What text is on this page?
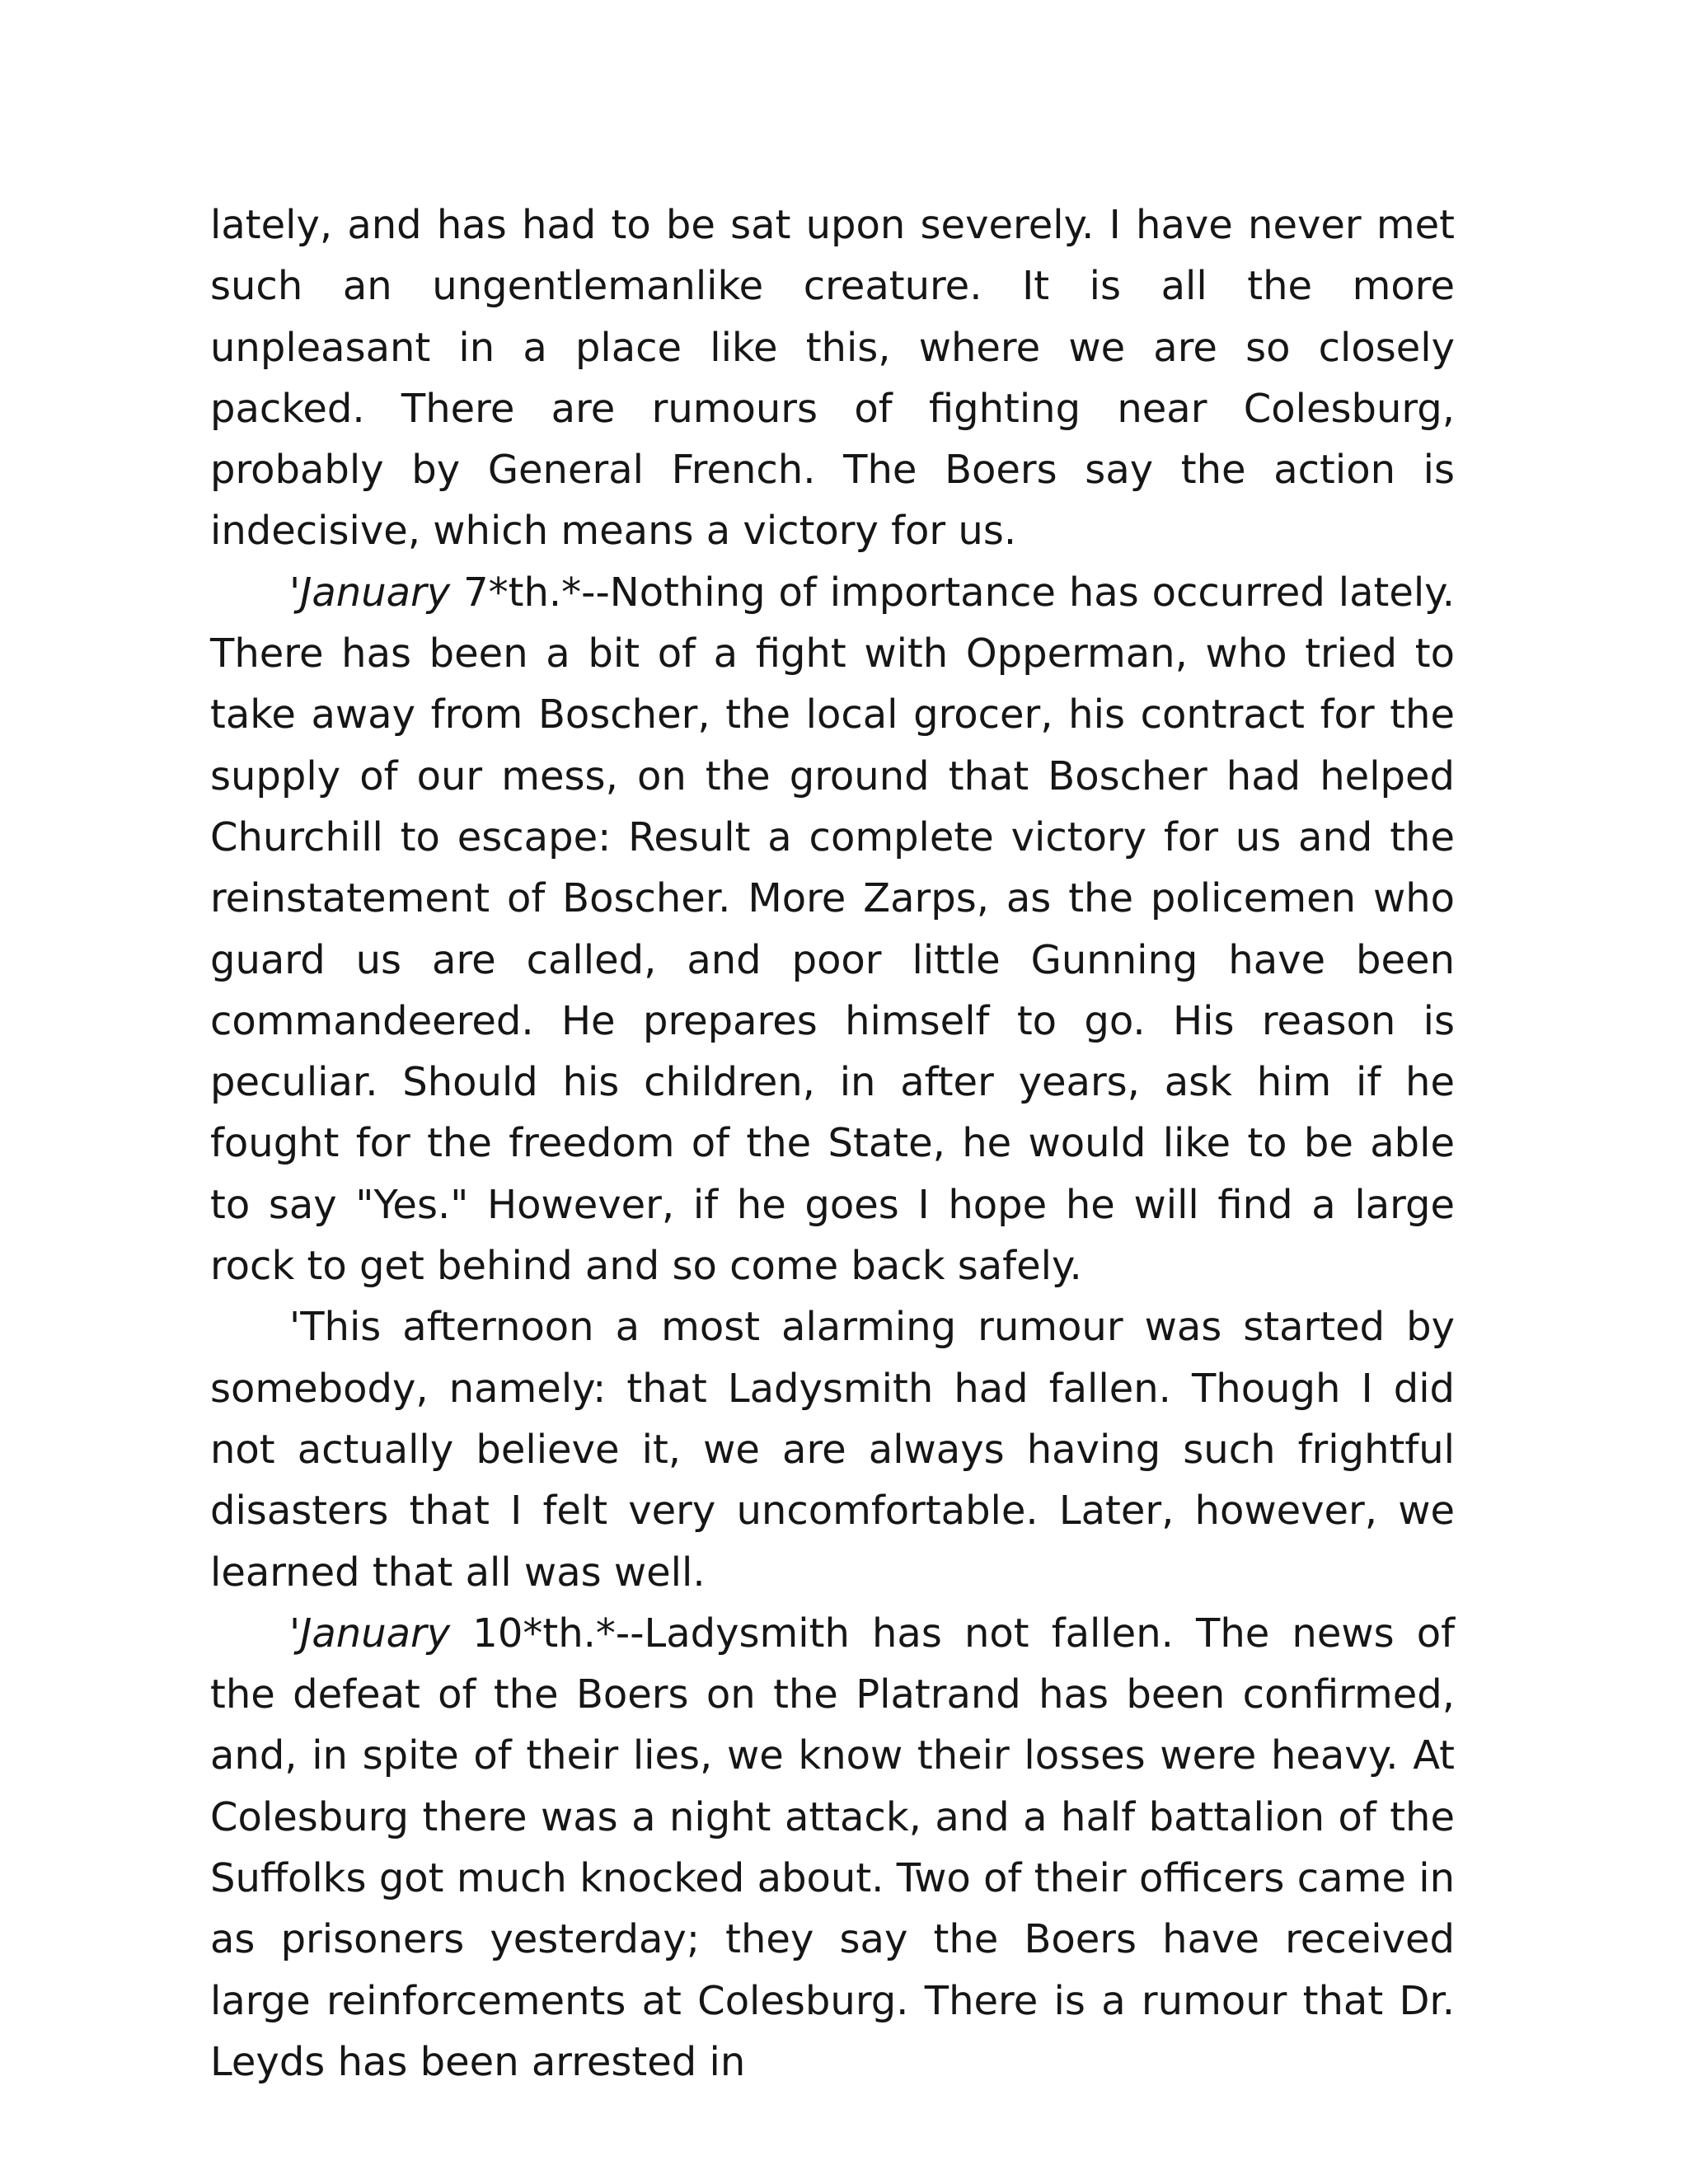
lately, and has had to be sat upon severely. I have never met such an ungentlemanlike creature. It is all the more unpleasant in a place like this, where we are so closely packed. There are rumours of fighting near Colesburg, probably by General French. The Boers say the action is indecisive, which means a victory for us.

'January 7*th.*--Nothing of importance has occurred lately. There has been a bit of a fight with Opperman, who tried to take away from Boscher, the local grocer, his contract for the supply of our mess, on the ground that Boscher had helped Churchill to escape: Result a complete victory for us and the reinstatement of Boscher. More Zarps, as the policemen who guard us are called, and poor little Gunning have been commandeered. He prepares himself to go. His reason is peculiar. Should his children, in after years, ask him if he fought for the freedom of the State, he would like to be able to say "Yes." However, if he goes I hope he will find a large rock to get behind and so come back safely.

'This afternoon a most alarming rumour was started by somebody, namely: that Ladysmith had fallen. Though I did not actually believe it, we are always having such frightful disasters that I felt very uncomfortable. Later, however, we learned that all was well.

'January 10*th.*--Ladysmith has not fallen. The news of the defeat of the Boers on the Platrand has been confirmed, and, in spite of their lies, we know their losses were heavy. At Colesburg there was a night attack, and a half battalion of the Suffolks got much knocked about. Two of their officers came in as prisoners yesterday; they say the Boers have received large reinforcements at Colesburg. There is a rumour that Dr. Leyds has been arrested in
